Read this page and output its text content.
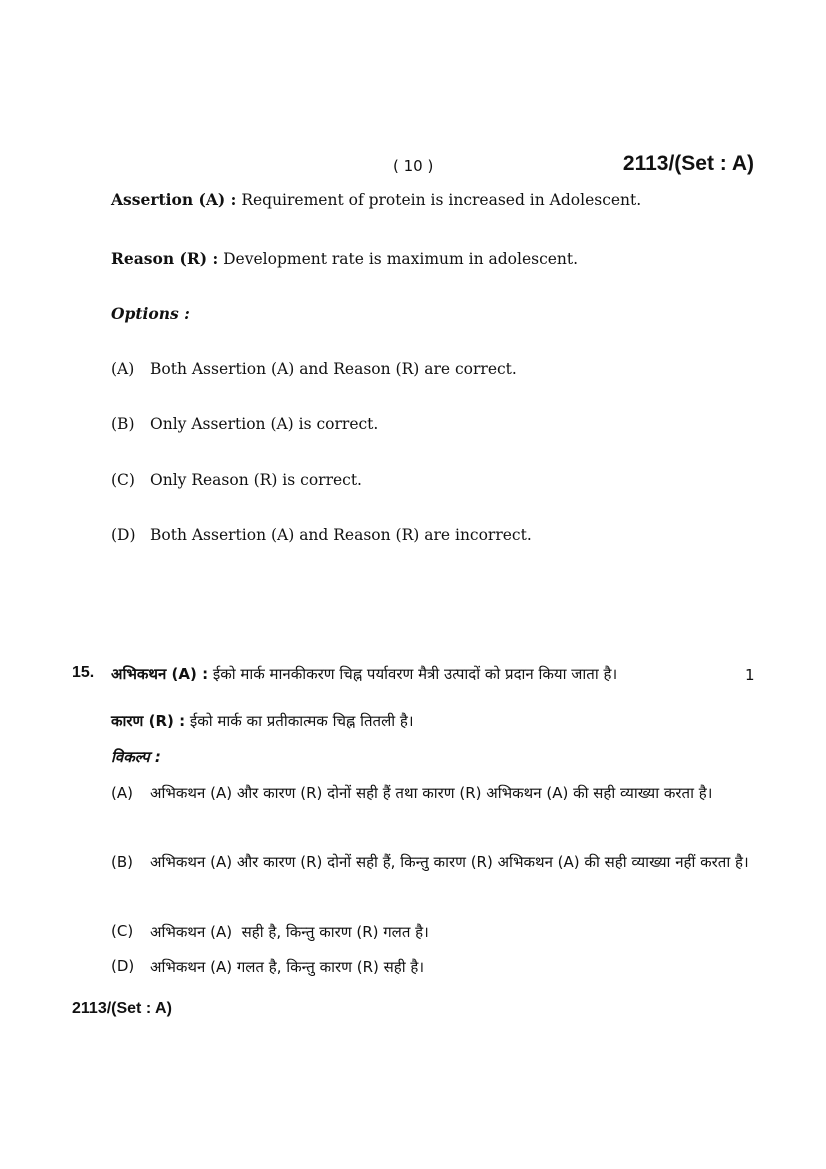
( 10 )	2113/(Set : A)
Assertion (A) : Requirement of protein is increased in Adolescent.
Reason (R) : Development rate is maximum in adolescent.
Options :
(A) Both Assertion (A) and Reason (R) are correct.
(B) Only Assertion (A) is correct.
(C) Only Reason (R) is correct.
(D) Both Assertion (A) and Reason (R) are incorrect.
15. अभिकथन (A) : ईको मार्क मानकीकरण चिह्न पर्यावरण मैत्री उत्पादों को प्रदान किया जाता है।	1
कारण (R) : ईको मार्क का प्रतीकात्मक चिह्न तितली है।
विकल्प :
(A) अभिकथन (A) और कारण (R) दोनों सही हैं तथा कारण (R) अभिकथन (A) की सही व्याख्या करता है।
(B) अभिकथन (A) और कारण (R) दोनों सही हैं, किन्तु कारण (R) अभिकथन (A) की सही व्याख्या नहीं करता है।
(C) अभिकथन (A)  सही है, किन्तु कारण (R) गलत है।
(D) अभिकथन (A) गलत है, किन्तु कारण (R) सही है।
2113/(Set : A)
